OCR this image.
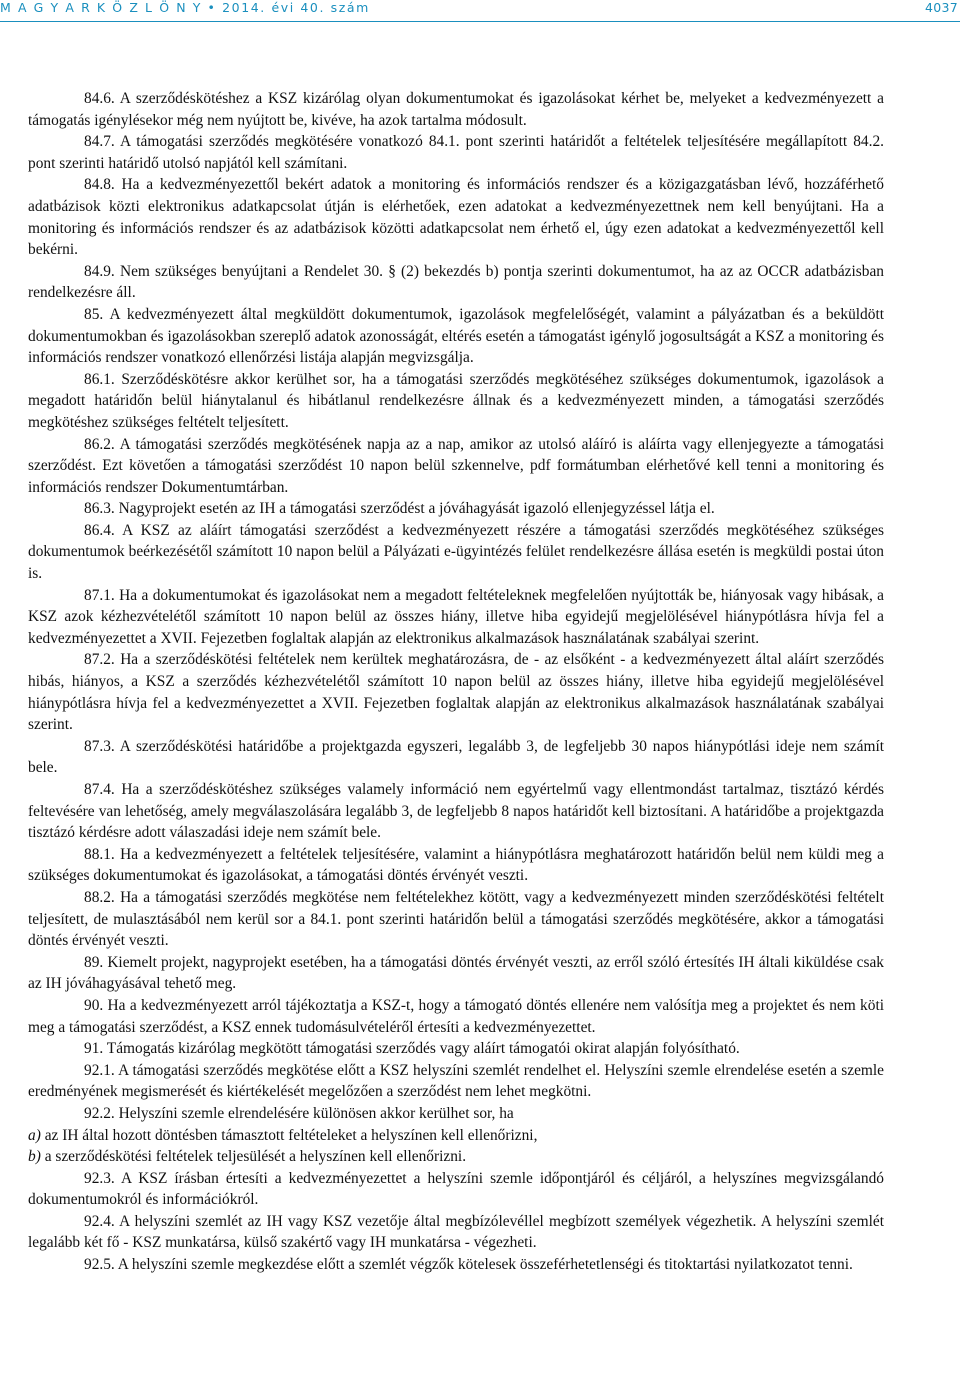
M A G Y A R K Ö Z L Ö N Y • 2014. évi 40. szám	4037

84.6. A szerződéskötéshez a KSZ kizárólag olyan dokumentumokat és igazolásokat kérhet be, melyeket a kedvezményezett a támogatás igénylésekor még nem nyújtott be, kivéve, ha azok tartalma módosult.

84.7. A támogatási szerződés megkötésére vonatkozó 84.1. pont szerinti határidőt a feltételek teljesítésére megállapított 84.2. pont szerinti határidő utolsó napjától kell számítani.

84.8. Ha a kedvezményezettől bekért adatok a monitoring és információs rendszer és a közigazgatásban lévő, hozzáférhető adatbázisok közti elektronikus adatkapcsolat útján is elérhetőek, ezen adatokat a kedvezményezettnek nem kell benyújtani. Ha a monitoring és információs rendszer és az adatbázisok közötti adatkapcsolat nem érhető el, úgy ezen adatokat a kedvezményezettől kell bekérni.

84.9. Nem szükséges benyújtani a Rendelet 30. § (2) bekezdés b) pontja szerinti dokumentumot, ha az az OCCR adatbázisban rendelkezésre áll.

85. A kedvezményezett által megküldött dokumentumok, igazolások megfelelőségét, valamint a pályázatban és a beküldött dokumentumokban és igazolásokban szereplő adatok azonosságát, eltérés esetén a támogatást igénylő jogosultságát a KSZ a monitoring és információs rendszer vonatkozó ellenőrzési listája alapján megvizsgálja.

86.1. Szerződéskötésre akkor kerülhet sor, ha a támogatási szerződés megkötéséhez szükséges dokumentumok, igazolások a megadott határidőn belül hiánytalanul és hibátlanul rendelkezésre állnak és a kedvezményezett minden, a támogatási szerződés megkötéshez szükséges feltételt teljesített.

86.2. A támogatási szerződés megkötésének napja az a nap, amikor az utolsó aláíró is aláírta vagy ellenjegyezte a támogatási szerződést. Ezt követően a támogatási szerződést 10 napon belül szkennelve, pdf formátumban elérhetővé kell tenni a monitoring és információs rendszer Dokumentumtárban.

86.3. Nagyprojekt esetén az IH a támogatási szerződést a jóváhagyását igazoló ellenjegyzéssel látja el.

86.4. A KSZ az aláírt támogatási szerződést a kedvezményezett részére a támogatási szerződés megkötéséhez szükséges dokumentumok beérkezésétől számított 10 napon belül a Pályázati e-ügyintézés felület rendelkezésre állása esetén is megküldi postai úton is.

87.1. Ha a dokumentumokat és igazolásokat nem a megadott feltételeknek megfelelően nyújtották be, hiányosak vagy hibásak, a KSZ azok kézhezvételétől számított 10 napon belül az összes hiány, illetve hiba egyidejű megjelölésével hiánypótlásra hívja fel a kedvezményezettet a XVII. Fejezetben foglaltak alapján az elektronikus alkalmazások használatának szabályai szerint.

87.2. Ha a szerződéskötési feltételek nem kerültek meghatározásra, de - az elsőként - a kedvezményezett által aláírt szerződés hibás, hiányos, a KSZ a szerződés kézhezvételétől számított 10 napon belül az összes hiány, illetve hiba egyidejű megjelölésével hiánypótlásra hívja fel a kedvezményezettet a XVII. Fejezetben foglaltak alapján az elektronikus alkalmazások használatának szabályai szerint.

87.3. A szerződéskötési határidőbe a projektgazda egyszeri, legalább 3, de legfeljebb 30 napos hiánypótlási ideje nem számít bele.

87.4. Ha a szerződéskötéshez szükséges valamely információ nem egyértelmű vagy ellentmondást tartalmaz, tisztázó kérdés feltevésére van lehetőség, amely megválaszolására legalább 3, de legfeljebb 8 napos határidőt kell biztosítani. A határidőbe a projektgazda tisztázó kérdésre adott válaszadási ideje nem számít bele.

88.1. Ha a kedvezményezett a feltételek teljesítésére, valamint a hiánypótlásra meghatározott határidőn belül nem küldi meg a szükséges dokumentumokat és igazolásokat, a támogatási döntés érvényét veszti.

88.2. Ha a támogatási szerződés megkötése nem feltételekhez kötött, vagy a kedvezményezett minden szerződéskötési feltételt teljesített, de mulasztásából nem kerül sor a 84.1. pont szerinti határidőn belül a támogatási szerződés megkötésére, akkor a támogatási döntés érvényét veszti.

89. Kiemelt projekt, nagyprojekt esetében, ha a támogatási döntés érvényét veszti, az erről szóló értesítés IH általi kiküldése csak az IH jóváhagyásával tehető meg.

90. Ha a kedvezményezett arról tájékoztatja a KSZ-t, hogy a támogató döntés ellenére nem valósítja meg a projektet és nem köti meg a támogatási szerződést, a KSZ ennek tudomásulvételéről értesíti a kedvezményezettet.

91. Támogatás kizárólag megkötött támogatási szerződés vagy aláírt támogatói okirat alapján folyósítható.

92.1. A támogatási szerződés megkötése előtt a KSZ helyszíni szemlét rendelhet el. Helyszíni szemle elrendelése esetén a szemle eredményének megismerését és kiértékelését megelőzően a szerződést nem lehet megkötni.

92.2. Helyszíni szemle elrendelésére különösen akkor kerülhet sor, ha

a) az IH által hozott döntésben támasztott feltételeket a helyszínen kell ellenőrizni,

b) a szerződéskötési feltételek teljesülését a helyszínen kell ellenőrizni.

92.3. A KSZ írásban értesíti a kedvezményezettet a helyszíni szemle időpontjáról és céljáról, a helyszínes megvizsgálandó dokumentumokról és információkról.

92.4. A helyszíni szemlét az IH vagy KSZ vezetője által megbízólevéllel megbízott személyek végezhetik. A helyszíni szemlét legalább két fő - KSZ munkatársa, külső szakértő vagy IH munkatársa - végezheti.

92.5. A helyszíni szemle megkezdése előtt a szemlét végzők kötelesek összeférhetetlenségi és titoktartási nyilatkozatot tenni.
